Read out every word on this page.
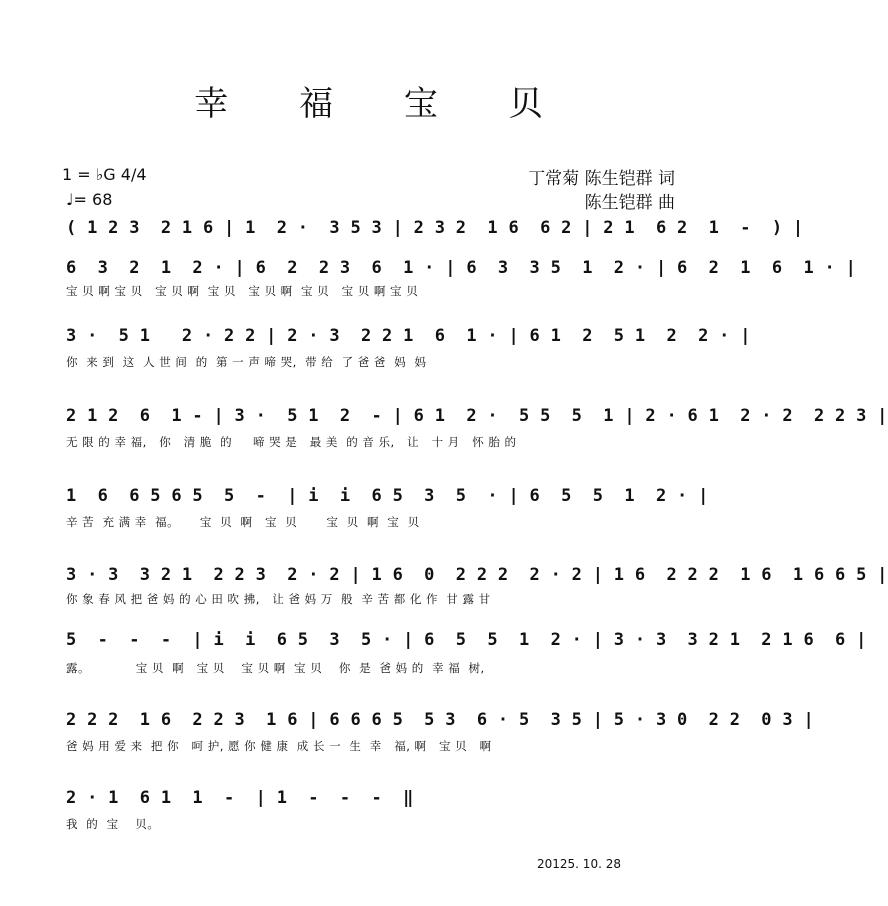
幸 福 宝 贝
1 = ♭G 4/4
♩= 68
丁常菊 陈生铠群 词
陈生铠群 曲
( 1 2 3  2 1 6 | 1  2 ·  3 5 3 | 2 3 2  1 6  6 2 | 2 1  6 2  1  -  ) |
6  3  2  1  2 · | 6  2  2 3  6  1 · | 6  3  3 5  1  2 · | 6  2  1  6  1 · |
宝 贝 啊 宝 贝   宝 贝 啊  宝 贝   宝 贝 啊  宝 贝   宝 贝 啊 宝 贝
3 ·  5 1   2 · 2 2 | 2 · 3  2 2 1  6  1 · | 6 1  2  5 1  2  2 · |
你  来 到  这  人 世 间  的  第 一 声 啼 哭,  带 给  了 爸 爸  妈  妈
2 1 2  6  1 - | 3 ·  5 1  2  - | 6 1  2 ·  5 5  5  1 | 2 · 6 1  2 · 2  2 2 3 |
无 限 的 幸 福,   你   清 脆  的     啼 哭 是   最 美  的 音 乐,   让   十 月   怀 胎 的
1  6  6 5 6 5  5  -  | i  i  6 5  3  5  · | 6  5  5  1  2 · |
辛 苦  充 满 幸  福。     宝  贝  啊   宝  贝       宝  贝  啊  宝  贝
3 · 3  3 2 1  2 2 3  2 · 2 | 1 6  0  2 2 2  2 · 2 | 1 6  2 2 2  1 6  1 6 6 5 |
你 象 春 风 把 爸 妈 的 心 田 吹 拂,   让 爸 妈 万  般  辛 苦 都 化 作  甘 露 甘
5  -  -  -  | i  i  6 5  3  5 · | 6  5  5  1  2 · | 3 · 3  3 2 1  2 1 6  6 |
露。           宝 贝  啊   宝 贝    宝 贝 啊  宝 贝    你  是  爸 妈 的  幸 福  树,
2 2 2  1 6  2 2 3  1 6 | 6 6 6 5  5 3  6 · 5  3 5 | 5 · 3 0  2 2  0 3 |
爸 妈 用 爱 来  把 你   呵 护, 愿 你 健 康  成 长 一  生  幸   福, 啊   宝 贝   啊
2 · 1  6 1  1  -  | 1  -  -  -  ‖
我  的  宝    贝。
20125. 10. 28
